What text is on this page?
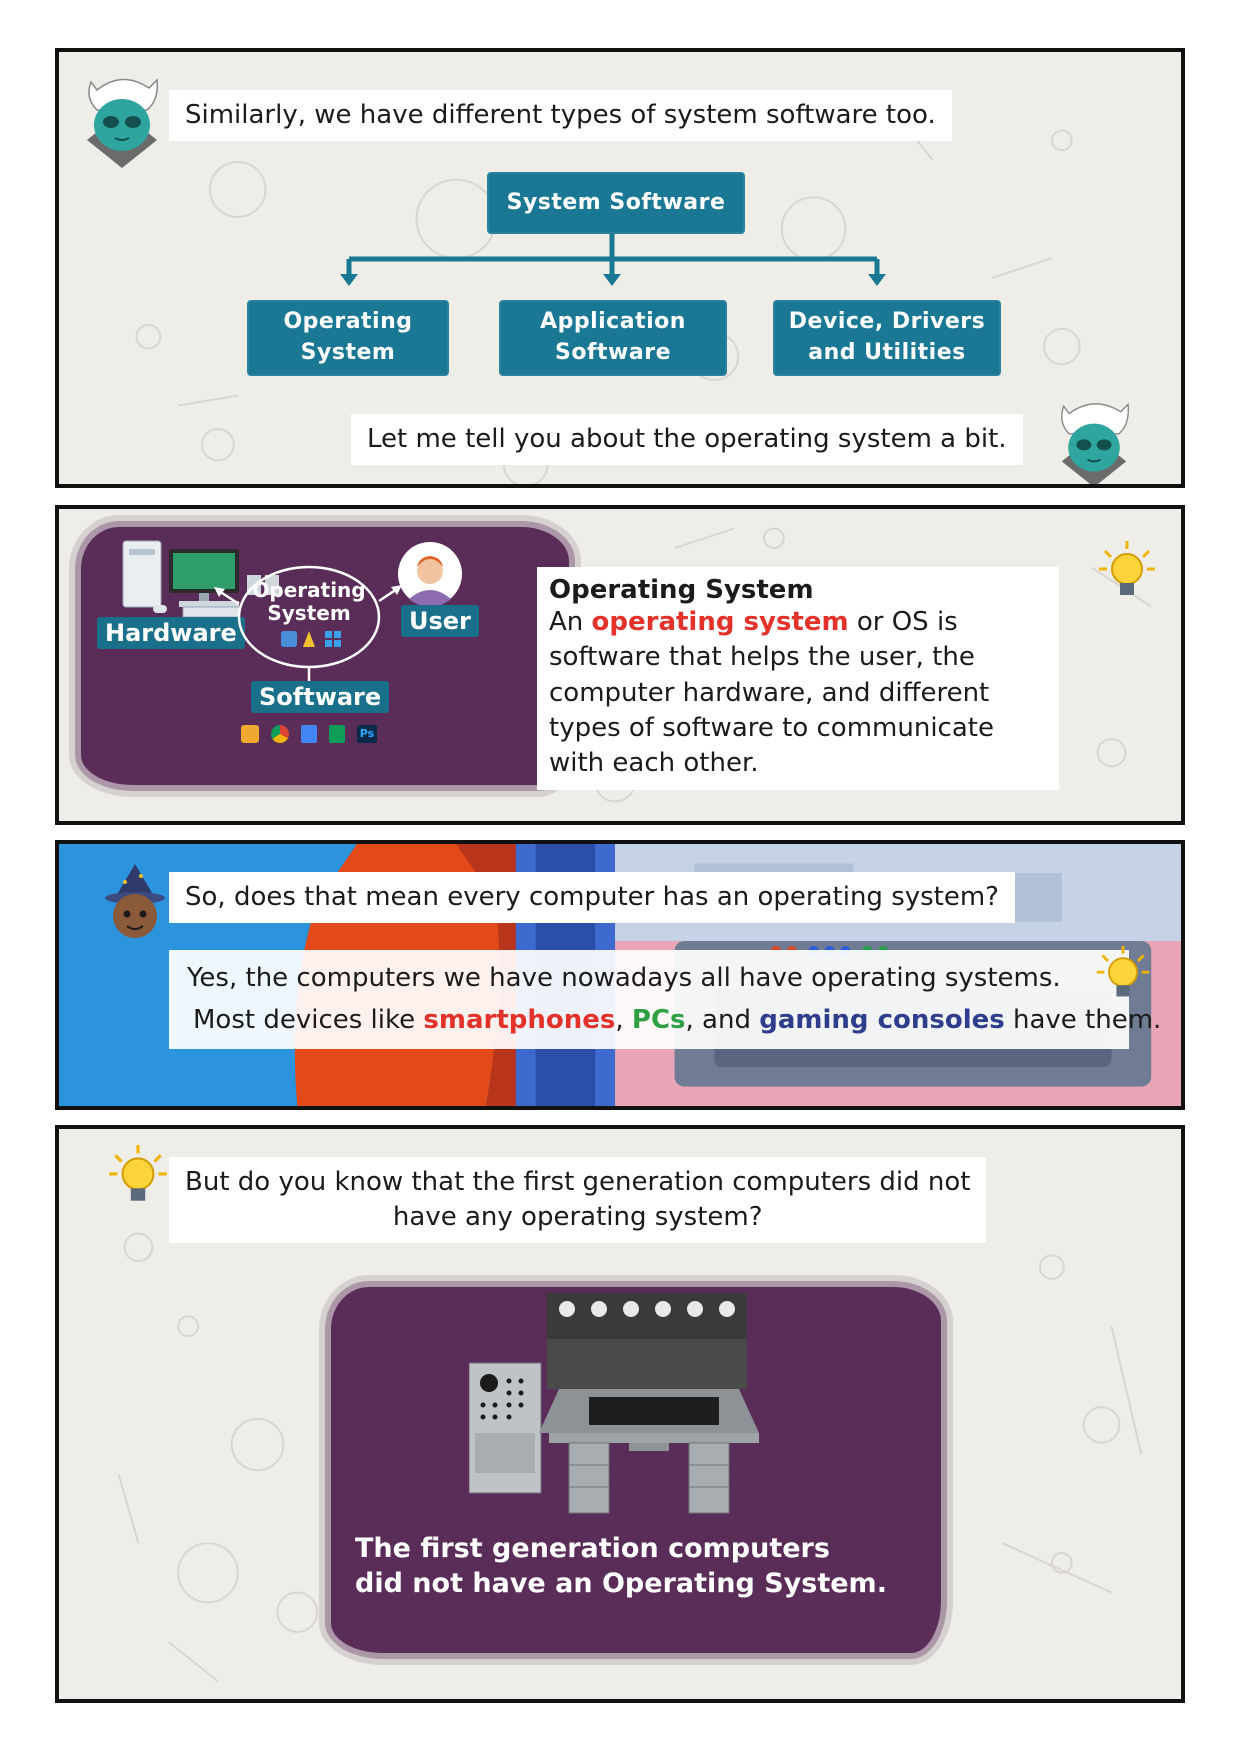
Similarly, we have different types of system software too.
System Software
Operating
System
Application
Software
Device, Drivers
and Utilities
Let me tell you about the operating system a bit.
Hardware
Operating
System	User
Software
Ps
Operating System
An operating system or OS is software that helps the user, the computer hardware, and different types of software to communicate with each other.
So, does that mean every computer has an operating system?
Yes, the computers we have nowadays all have operating systems.
Most devices like smartphones, PCs, and gaming consoles have them.
But do you know that the first generation computers did not
have any operating system?
The first generation computers
did not have an Operating System.
